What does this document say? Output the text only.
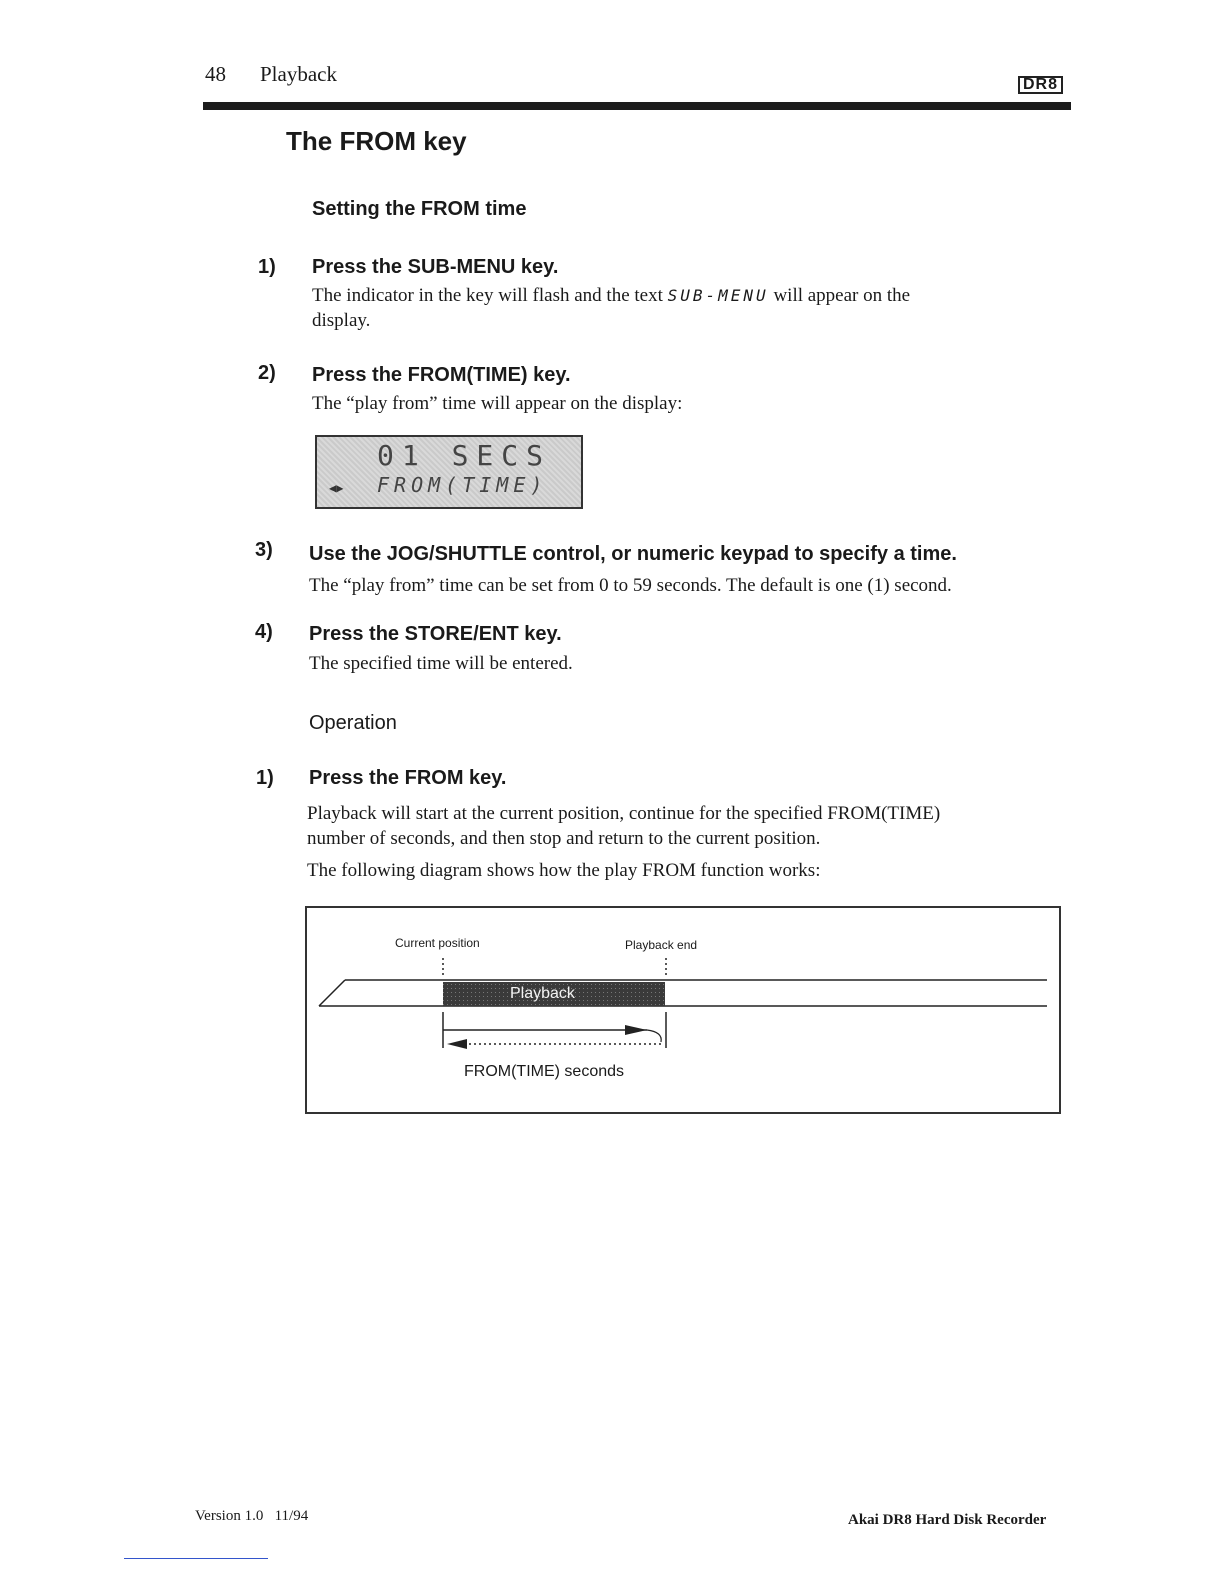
48 Playback	DR8
The FROM key
Setting the FROM time
1) Press the SUB-MENU key.
The indicator in the key will flash and the text SUB-MENU will appear on the
display.
2) Press the FROM(TIME) key.
The “play from” time will appear on the display:
01 SECS
◀▶ FROM(TIME)
3) Use the JOG/SHUTTLE control, or numeric keypad to specify a time.
The “play from” time can be set from 0 to 59 seconds. The default is one (1) second.
4) Press the STORE/ENT key.
The specified time will be entered.
Operation
1) Press the FROM key.
Playback will start at the current position, continue for the specified FROM(TIME)
number of seconds, and then stop and return to the current position.
The following diagram shows how the play FROM function works:
Current position	Playback end
Playback
FROM(TIME) seconds
Version 1.0   11/94	Akai DR8 Hard Disk Recorder
